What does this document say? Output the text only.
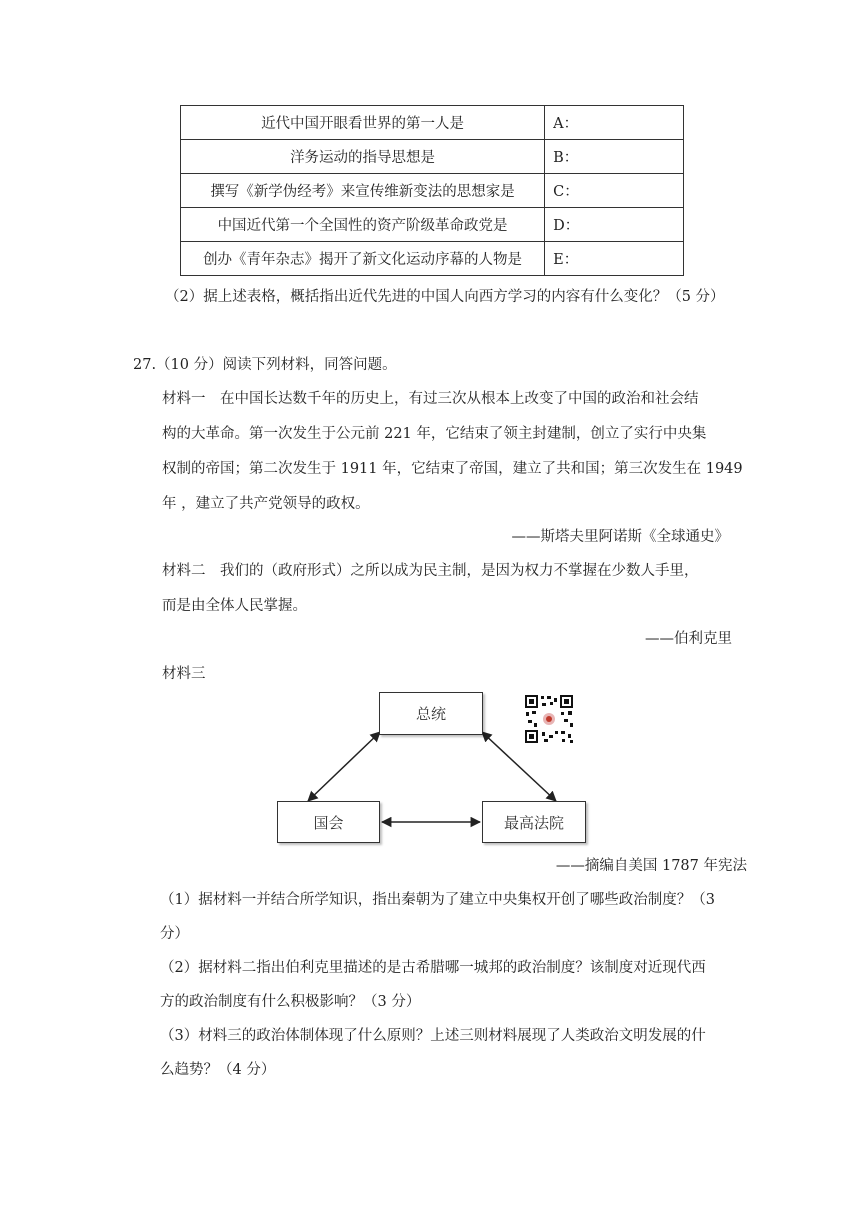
近代中国开眼看世界的第一人是	A：
洋务运动的指导思想是	B：
撰写《新学伪经考》来宣传维新变法的思想家是	C：
中国近代第一个全国性的资产阶级革命政党是	D：
创办《青年杂志》揭开了新文化运动序幕的人物是	E：
（2）据上述表格，概括指出近代先进的中国人向西方学习的内容有什么变化？（5 分）
27.（10 分）阅读下列材料，同答问题。
材料一　在中国长达数千年的历史上，有过三次从根本上改变了中国的政治和社会结
构的大革命。第一次发生于公元前 221 年，它结束了领主封建制，创立了实行中央集
权制的帝国；第二次发生于 1911 年，它结束了帝国，建立了共和国；第三次发生在 1949
年 ，建立了共产党领导的政权。
——斯塔夫里阿诺斯《全球通史》
材料二　我们的（政府形式）之所以成为民主制，是因为权力不掌握在少数人手里，
而是由全体人民掌握。
——伯利克里
材料三
总统
国会	最高法院
——摘编自美国 1787 年宪法
（1）据材料一并结合所学知识，指出秦朝为了建立中央集权开创了哪些政治制度？（3
分）
（2）据材料二指出伯利克里描述的是古希腊哪一城邦的政治制度？该制度对近现代西
方的政治制度有什么积极影响？（3 分）
（3）材料三的政治体制体现了什么原则？上述三则材料展现了人类政治文明发展的什
么趋势？（4 分）
